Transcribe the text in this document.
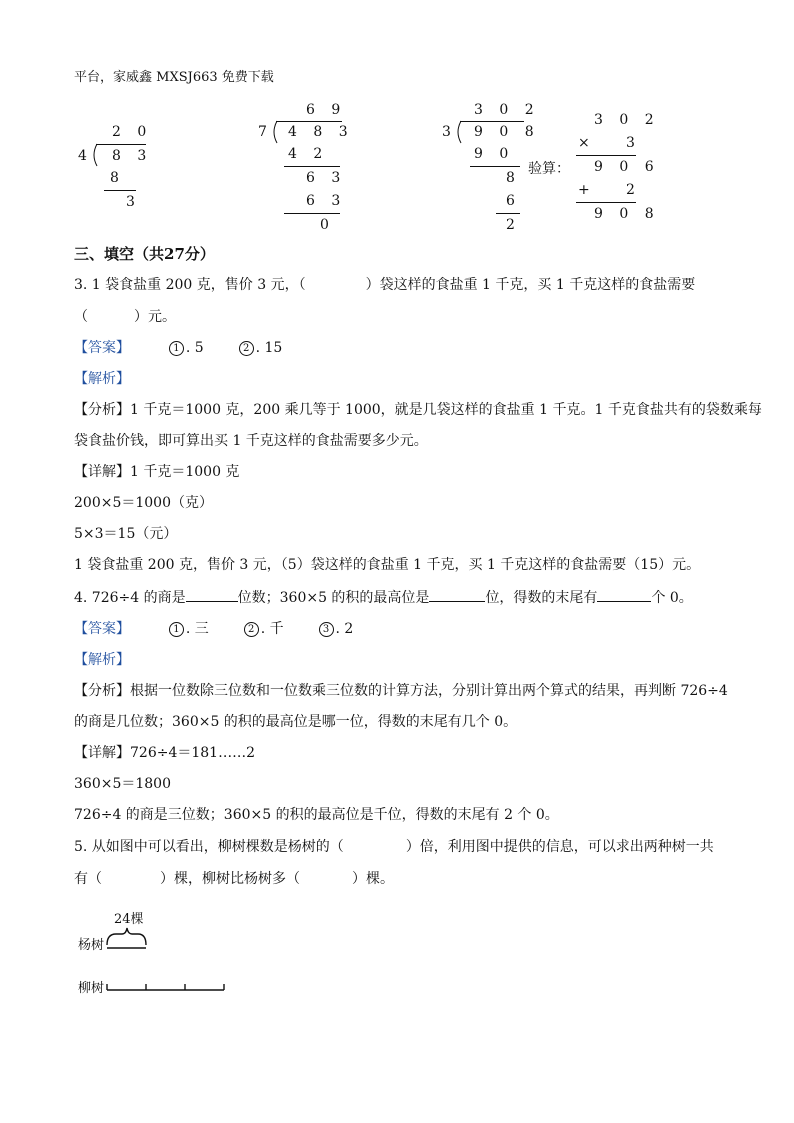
平台，家威鑫 MXSJ663 免费下载
2 0
4 8 3
8
3
6 9
7 4 8 3
4 2
6 3
6 3
0
3 0 2
3 9 0 8
9 0
8
6
2
验算：
3 0 2
× 3
9 0 6
+ 2
9 0 8
三、填空（共27分）
3. 1 袋食盐重 200 克，售价 3 元，（	）袋这样的食盐重 1 千克，买 1 千克这样的食盐需要
（	）元。
【答案】	1 . 5	2 . 15
【解析】
【分析】1 千克＝1000 克，200 乘几等于 1000，就是几袋这样的食盐重 1 千克。1 千克食盐共有的袋数乘每
袋食盐价钱，即可算出买 1 千克这样的食盐需要多少元。
【详解】1 千克＝1000 克
200×5＝1000（克）
5×3＝15（元）
1 袋食盐重 200 克，售价 3 元，（5）袋这样的食盐重 1 千克，买 1 千克这样的食盐需要（15）元。
4. 726÷4 的商是	位数；360×5 的积的最高位是	位，得数的末尾有	个 0。
【答案】	1 . 三	2 . 千	3 . 2
【解析】
【分析】根据一位数除三位数和一位数乘三位数的计算方法，分别计算出两个算式的结果，再判断 726÷4
的商是几位数；360×5 的积的最高位是哪一位，得数的末尾有几个 0。
【详解】726÷4＝181……2
360×5＝1800
726÷4 的商是三位数；360×5 的积的最高位是千位，得数的末尾有 2 个 0。
5. 从如图中可以看出，柳树棵数是杨树的（	）倍，利用图中提供的信息，可以求出两种树一共
有（	）棵，柳树比杨树多（	）棵。
24棵
杨树
柳树
